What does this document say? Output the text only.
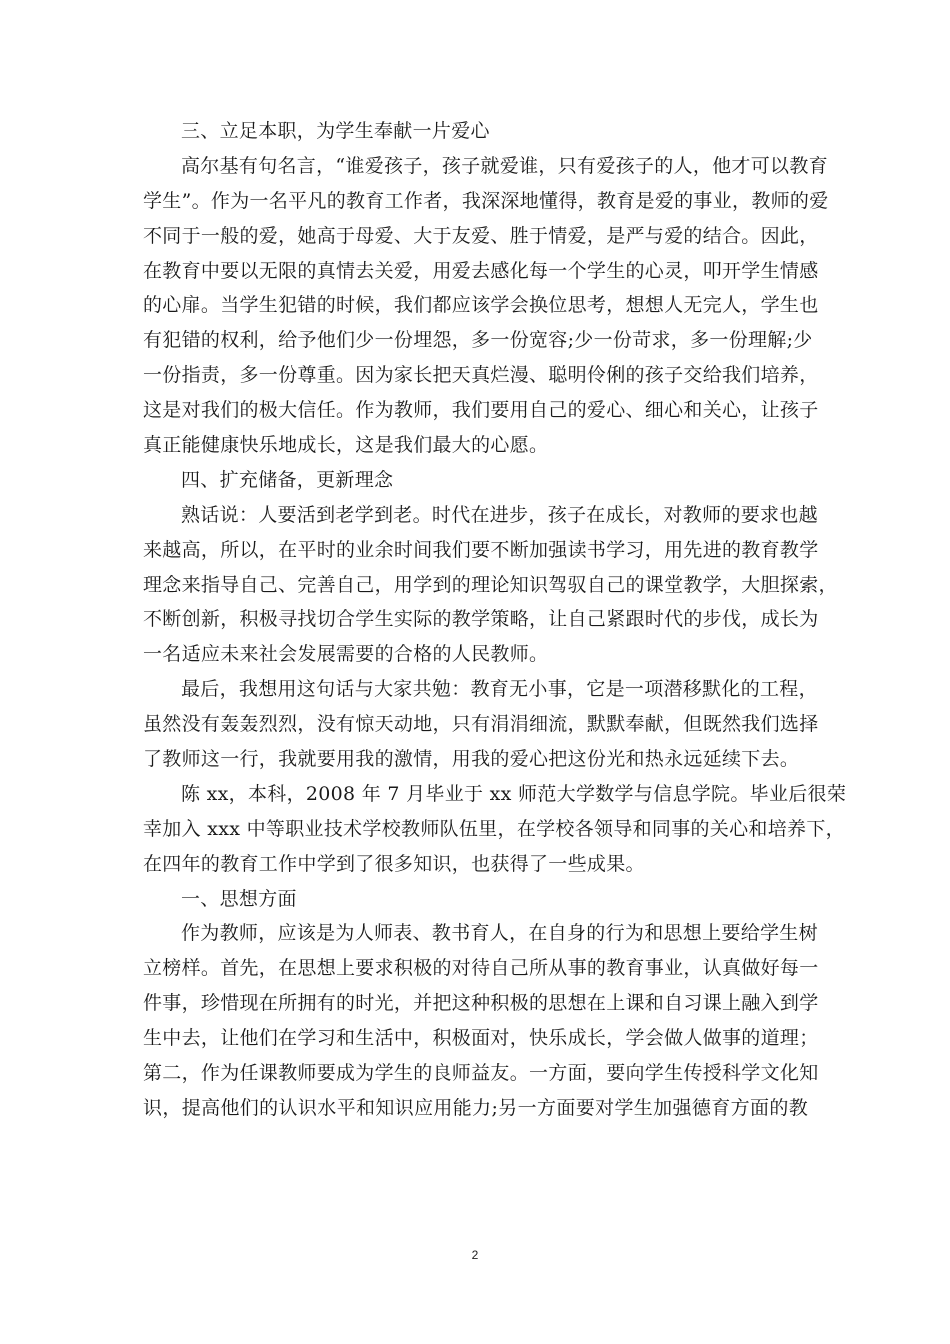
三、立足本职，为学生奉献一片爱心
高尔基有句名言，“谁爱孩子，孩子就爱谁，只有爱孩子的人，他才可以教育
学生”。作为一名平凡的教育工作者，我深深地懂得，教育是爱的事业，教师的爱
不同于一般的爱，她高于母爱、大于友爱、胜于情爱，是严与爱的结合。因此，
在教育中要以无限的真情去关爱，用爱去感化每一个学生的心灵，叩开学生情感
的心扉。当学生犯错的时候，我们都应该学会换位思考，想想人无完人，学生也
有犯错的权利，给予他们少一份埋怨，多一份宽容;少一份苛求，多一份理解;少
一份指责，多一份尊重。因为家长把天真烂漫、聪明伶俐的孩子交给我们培养，
这是对我们的极大信任。作为教师，我们要用自己的爱心、细心和关心，让孩子
真正能健康快乐地成长，这是我们最大的心愿。
四、扩充储备，更新理念
熟话说：人要活到老学到老。时代在进步，孩子在成长，对教师的要求也越
来越高，所以，在平时的业余时间我们要不断加强读书学习，用先进的教育教学
理念来指导自己、完善自己，用学到的理论知识驾驭自己的课堂教学，大胆探索，
不断创新，积极寻找切合学生实际的教学策略，让自己紧跟时代的步伐，成长为
一名适应未来社会发展需要的合格的人民教师。
最后，我想用这句话与大家共勉：教育无小事，它是一项潜移默化的工程，
虽然没有轰轰烈烈，没有惊天动地，只有涓涓细流，默默奉献，但既然我们选择
了教师这一行，我就要用我的激情，用我的爱心把这份光和热永远延续下去。
陈 xx，本科，2008 年 7 月毕业于 xx 师范大学数学与信息学院。毕业后很荣
幸加入 xxx 中等职业技术学校教师队伍里，在学校各领导和同事的关心和培养下，
在四年的教育工作中学到了很多知识，也获得了一些成果。
一、思想方面
作为教师，应该是为人师表、教书育人，在自身的行为和思想上要给学生树
立榜样。首先，在思想上要求积极的对待自己所从事的教育事业，认真做好每一
件事，珍惜现在所拥有的时光，并把这种积极的思想在上课和自习课上融入到学
生中去，让他们在学习和生活中，积极面对，快乐成长，学会做人做事的道理；
第二，作为任课教师要成为学生的良师益友。一方面，要向学生传授科学文化知
识，提高他们的认识水平和知识应用能力;另一方面要对学生加强德育方面的教
2
